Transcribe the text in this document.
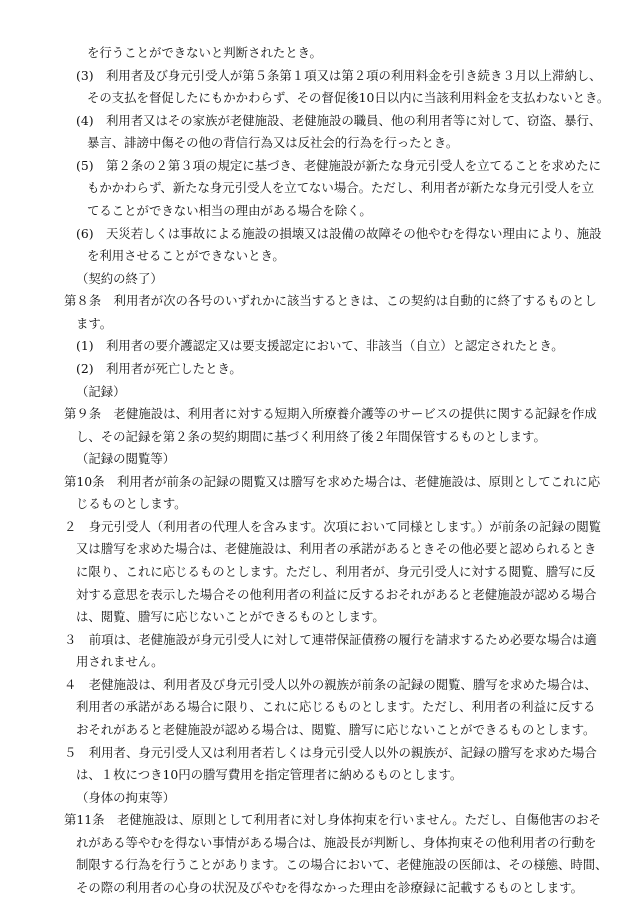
を行うことができないと判断されたとき。
(3)　利用者及び身元引受人が第５条第１項又は第２項の利用料金を引き続き３月以上滞納し、
その支払を督促したにもかかわらず、その督促後10日以内に当該利用料金を支払わないとき。
(4)　利用者又はその家族が老健施設、老健施設の職員、他の利用者等に対して、窃盗、暴行、
暴言、誹謗中傷その他の背信行為又は反社会的行為を行ったとき。
(5)　第２条の２第３項の規定に基づき、老健施設が新たな身元引受人を立てることを求めたに
もかかわらず、新たな身元引受人を立てない場合。ただし、利用者が新たな身元引受人を立
てることができない相当の理由がある場合を除く。
(6)　天災若しくは事故による施設の損壊又は設備の故障その他やむを得ない理由により、施設
を利用させることができないとき。
（契約の終了）
第８条　利用者が次の各号のいずれかに該当するときは、この契約は自動的に終了するものとし
ます。
(1)　利用者の要介護認定又は要支援認定において、非該当（自立）と認定されたとき。
(2)　利用者が死亡したとき。
（記録）
第９条　老健施設は、利用者に対する短期入所療養介護等のサービスの提供に関する記録を作成
し、その記録を第２条の契約期間に基づく利用終了後２年間保管するものとします。
（記録の閲覧等）
第10条　利用者が前条の記録の閲覧又は謄写を求めた場合は、老健施設は、原則としてこれに応
じるものとします。
２　身元引受人（利用者の代理人を含みます。次項において同様とします。）が前条の記録の閲覧
又は謄写を求めた場合は、老健施設は、利用者の承諾があるときその他必要と認められるとき
に限り、これに応じるものとします。ただし、利用者が、身元引受人に対する閲覧、謄写に反
対する意思を表示した場合その他利用者の利益に反するおそれがあると老健施設が認める場合
は、閲覧、謄写に応じないことができるものとします。
３　前項は、老健施設が身元引受人に対して連帯保証債務の履行を請求するため必要な場合は適
用されません。
４　老健施設は、利用者及び身元引受人以外の親族が前条の記録の閲覧、謄写を求めた場合は、
利用者の承諾がある場合に限り、これに応じるものとします。ただし、利用者の利益に反する
おそれがあると老健施設が認める場合は、閲覧、謄写に応じないことができるものとします。
５　利用者、身元引受人又は利用者若しくは身元引受人以外の親族が、記録の謄写を求めた場合
は、１枚につき10円の謄写費用を指定管理者に納めるものとします。
（身体の拘束等）
第11条　老健施設は、原則として利用者に対し身体拘束を行いません。ただし、自傷他害のおそ
れがある等やむを得ない事情がある場合は、施設長が判断し、身体拘束その他利用者の行動を
制限する行為を行うことがあります。この場合において、老健施設の医師は、その様態、時間、
その際の利用者の心身の状況及びやむを得なかった理由を診療録に記載するものとします。
